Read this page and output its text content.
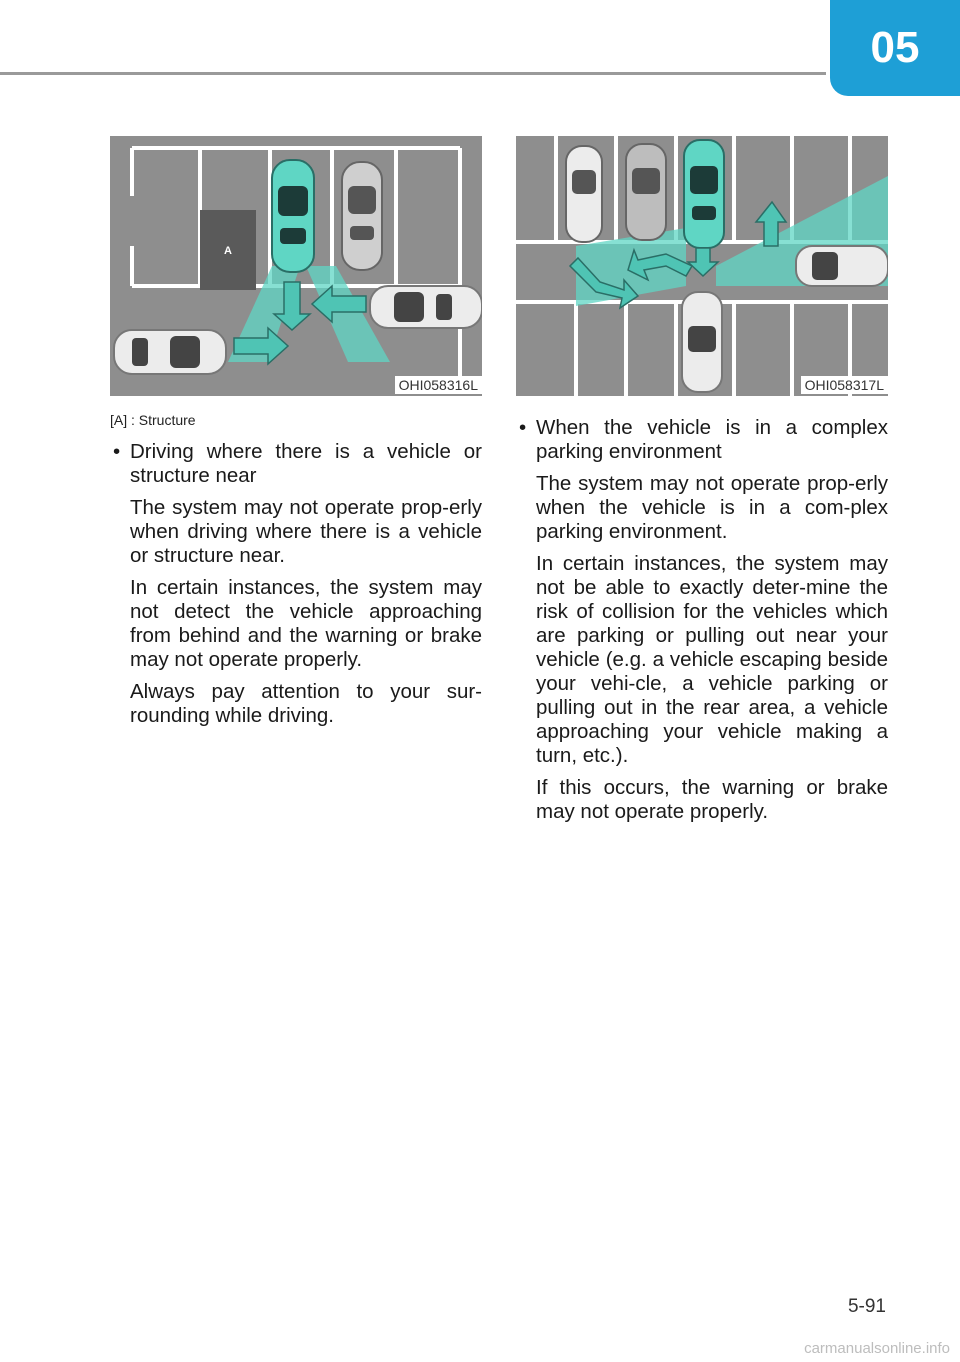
05
A
OHI058316L	OHI058317L
[A] : Structure
• Driving where there is a vehicle or structure near
The system may not operate prop-erly when driving where there is a vehicle or structure near.
In certain instances, the system may not detect the vehicle approaching from behind and the warning or brake may not operate properly.
Always pay attention to your sur-rounding while driving.
• When the vehicle is in a complex parking environment
The system may not operate prop-erly when the vehicle is in a com-plex parking environment.
In certain instances, the system may not be able to exactly deter-mine the risk of collision for the vehicles which are parking or pulling out near your vehicle (e.g. a vehicle escaping beside your vehi-cle, a vehicle parking or pulling out in the rear area, a vehicle approaching your vehicle making a turn, etc.).
If this occurs, the warning or brake may not operate properly.
5-91
carmanualsonline.info
